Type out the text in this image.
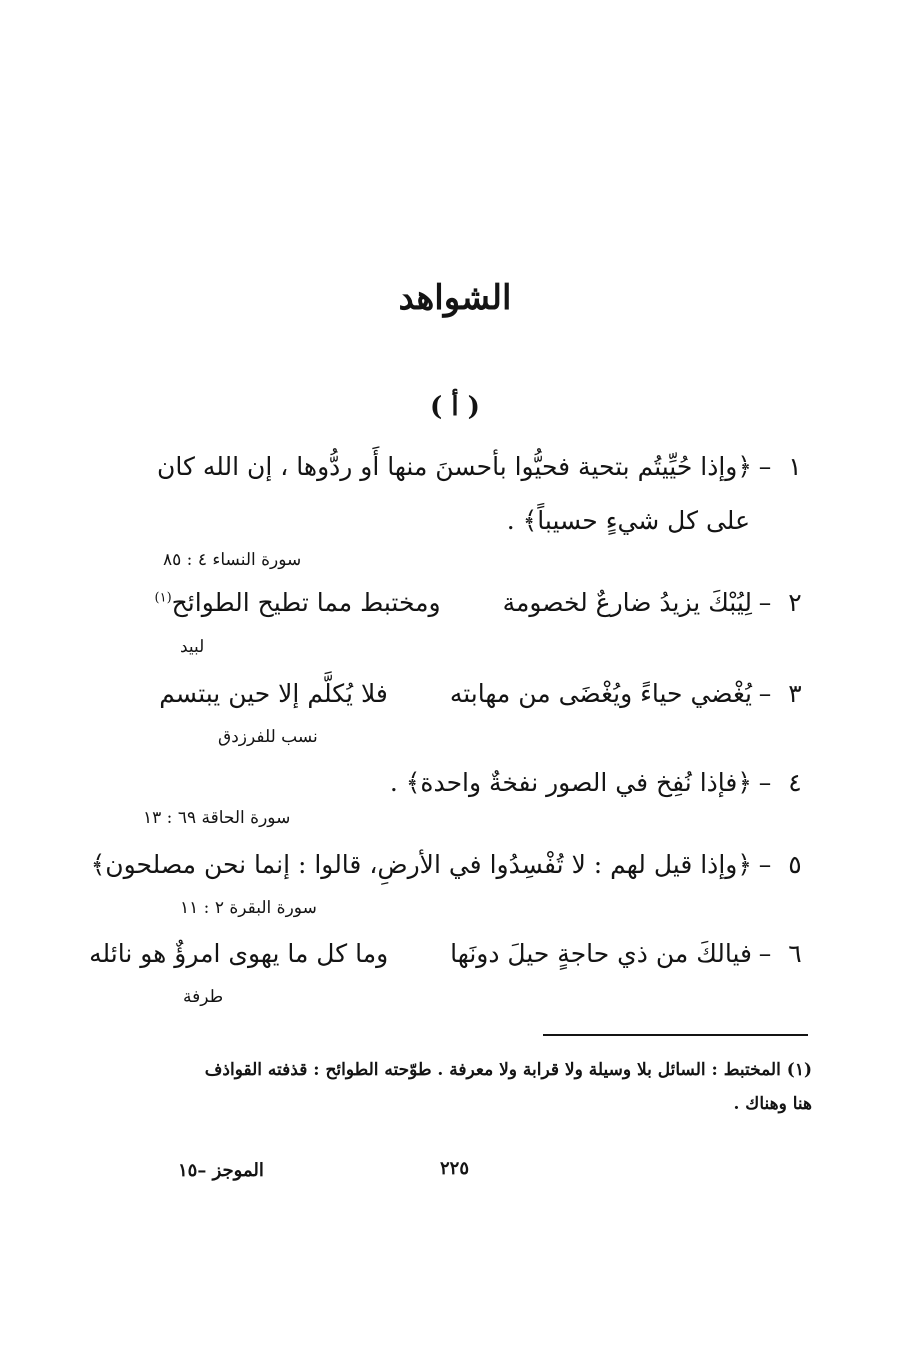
الشواهد
( أ )
١–﴿وإذا حُيِّيتُم بتحية فحيُّوا بأحسنَ منها أَو ردُّوها ، إن الله كان
على كل شيءٍ حسيباً﴾ .
سورة النساء ٤ : ٨٥
٢–لِيُبْكَ يزيدُ ضارعٌ لخصومةومختبط مما تطيح الطوائح$^{(١)}$
لبيد
٣–يُغْضي حياءً ويُغْضَى من مهابتهفلا يُكلَّم إلا حين يبتسم
نسب للفرزدق
٤–﴿فإذا نُفِخ في الصور نفخةٌ واحدة﴾ .
سورة الحاقة ٦٩ : ١٣
٥–﴿وإذا قيل لهم : لا تُفْسِدُوا في الأرضِ، قالوا : إنما نحن مصلحون﴾
سورة البقرة ٢ : ١١
٦–فيالكَ من ذي حاجةٍ حيلَ دونَهاوما كل ما يهوى امرؤٌ هو نائله
طرفة
(١) المختبط : السائل بلا وسيلة ولا قرابة ولا معرفة . طوّحته الطوائح : قذفته القواذف
هنا وهناك .
٢٢٥
الموجز –١٥
